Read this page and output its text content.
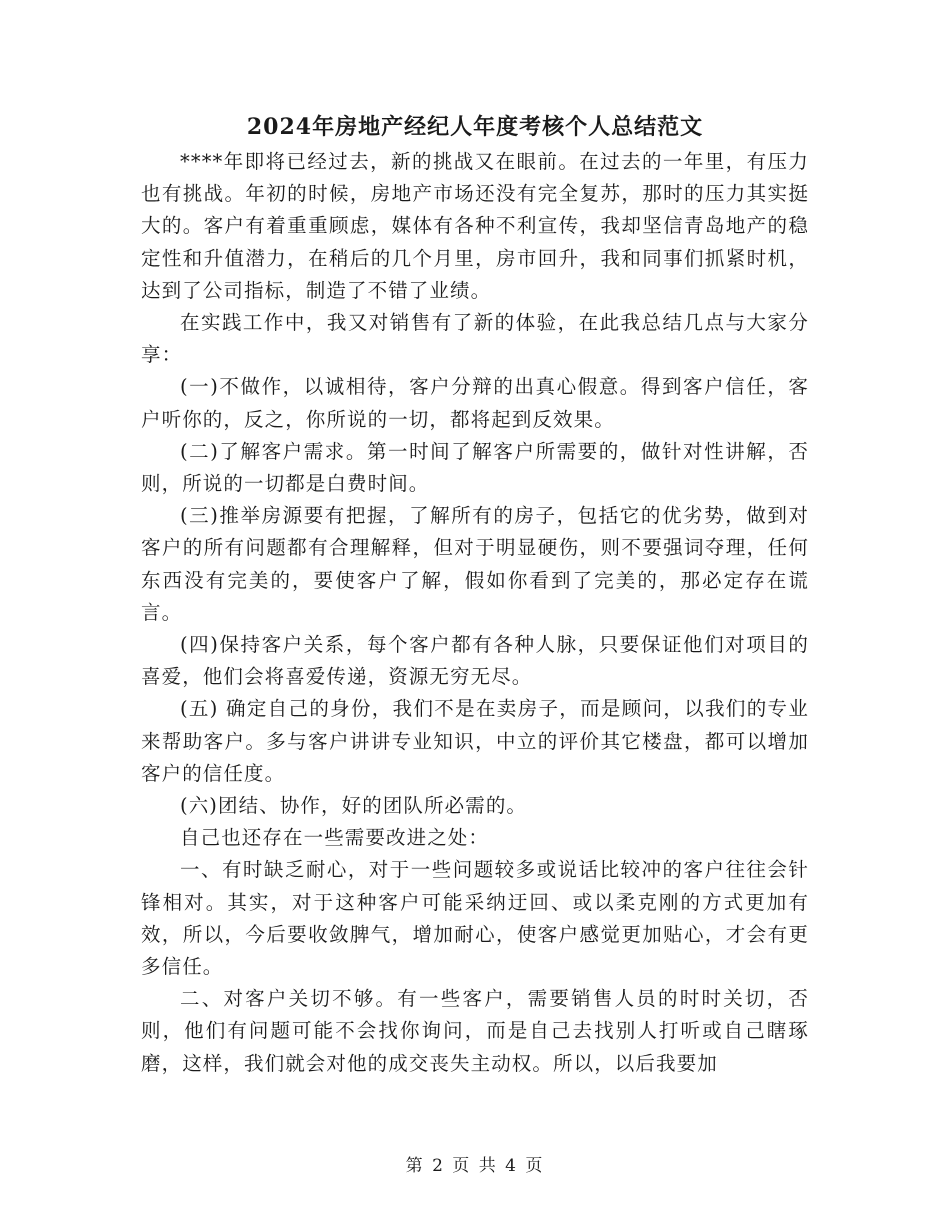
2024年房地产经纪人年度考核个人总结范文

****年即将已经过去，新的挑战又在眼前。在过去的一年里，有压力也有挑战。年初的时候，房地产市场还没有完全复苏，那时的压力其实挺大的。客户有着重重顾虑，媒体有各种不利宣传，我却坚信青岛地产的稳定性和升值潜力，在稍后的几个月里，房市回升，我和同事们抓紧时机，达到了公司指标，制造了不错了业绩。

在实践工作中，我又对销售有了新的体验，在此我总结几点与大家分享：

(一)不做作，以诚相待，客户分辩的出真心假意。得到客户信任，客户听你的，反之，你所说的一切，都将起到反效果。

(二)了解客户需求。第一时间了解客户所需要的，做针对性讲解，否则，所说的一切都是白费时间。

(三)推举房源要有把握，了解所有的房子，包括它的优劣势，做到对客户的所有问题都有合理解释，但对于明显硬伤，则不要强词夺理，任何东西没有完美的，要使客户了解，假如你看到了完美的，那必定存在谎言。

(四)保持客户关系，每个客户都有各种人脉，只要保证他们对项目的喜爱，他们会将喜爱传递，资源无穷无尽。

(五) 确定自己的身份，我们不是在卖房子，而是顾问，以我们的专业来帮助客户。多与客户讲讲专业知识，中立的评价其它楼盘，都可以增加客户的信任度。

(六)团结、协作，好的团队所必需的。

自己也还存在一些需要改进之处：

一、有时缺乏耐心，对于一些问题较多或说话比较冲的客户往往会针锋相对。其实，对于这种客户可能采纳迂回、或以柔克刚的方式更加有效，所以，今后要收敛脾气，增加耐心，使客户感觉更加贴心，才会有更多信任。

二、对客户关切不够。有一些客户，需要销售人员的时时关切，否则，他们有问题可能不会找你询问，而是自己去找别人打听或自己瞎琢磨，这样，我们就会对他的成交丧失主动权。所以，以后我要加

第 2 页 共 4 页
